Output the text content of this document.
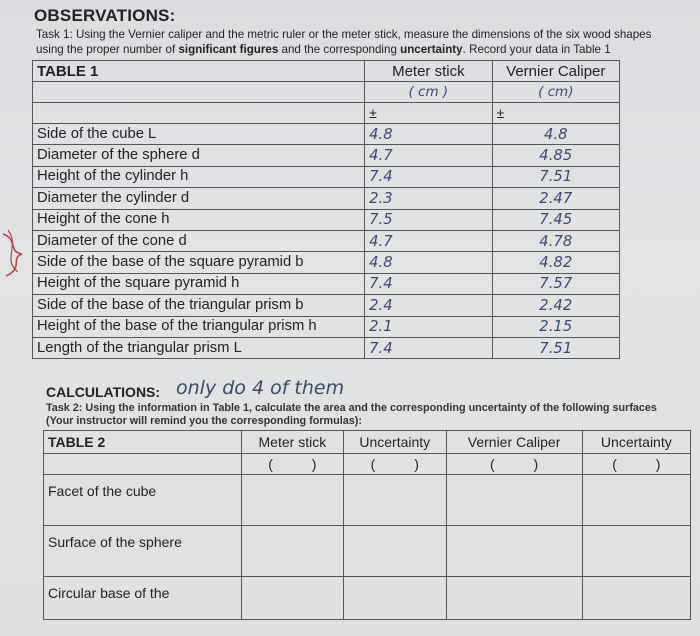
OBSERVATIONS:
Task 1: Using the Vernier caliper and the metric ruler or the meter stick, measure the dimensions of the six wood shapes
using the proper number of significant figures and the corresponding uncertainty. Record your data in Table 1
TABLE 1	Meter stick	Vernier Caliper
	( cm )	( cm)
	±	±
Side of the cube L	4.8	4.8
Diameter of the sphere d	4.7	4.85
Height of the cylinder h	7.4	7.51
Diameter the cylinder d	2.3	2.47
Height of the cone h	7.5	7.45
Diameter of the cone d	4.7	4.78
Side of the base of the square pyramid b	4.8	4.82
Height of the square pyramid h	7.4	7.57
Side of the base of the triangular prism b	2.4	2.42
Height of the base of the triangular prism h	2.1	2.15
Length of the triangular prism L	7.4	7.51
CALCULATIONS: only do 4 of them
Task 2: Using the information in Table 1, calculate the area and the corresponding uncertainty of the following surfaces
(Your instructor will remind you the corresponding formulas):
TABLE 2	Meter stick	Uncertainty	Vernier Caliper	Uncertainty
	(          )	(          )	(          )	(          )
Facet of the cube				
Surface of the sphere				
Circular base of the				
